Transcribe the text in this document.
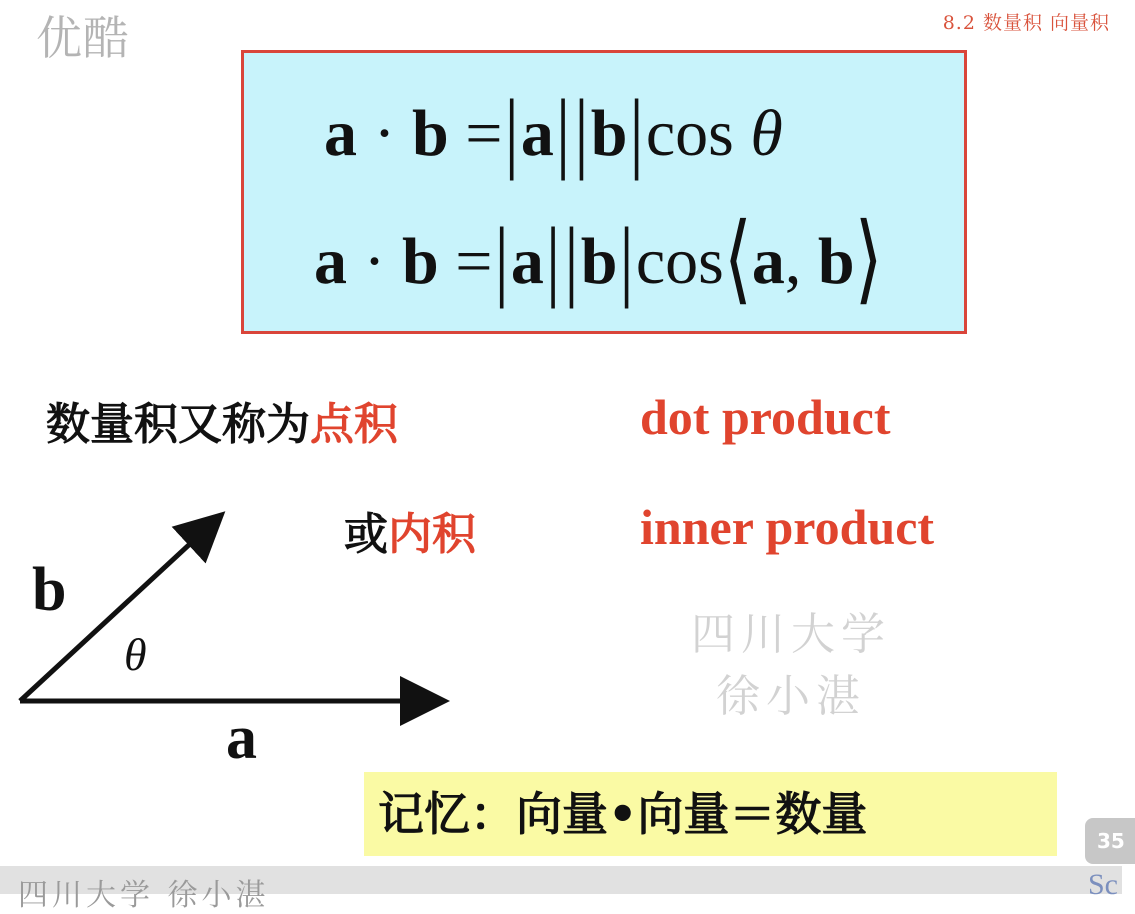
优酷	8.2 数量积 向量积
a · b =|a||b|cos θ
a · b =|a||b|cos⟨a, b⟩
数量积又称为点积	dot product
或内积	inner product
b
a
θ	四川大学
徐小湛
记忆：向量•向量＝数量	35
四川大学 徐小湛	Sc
